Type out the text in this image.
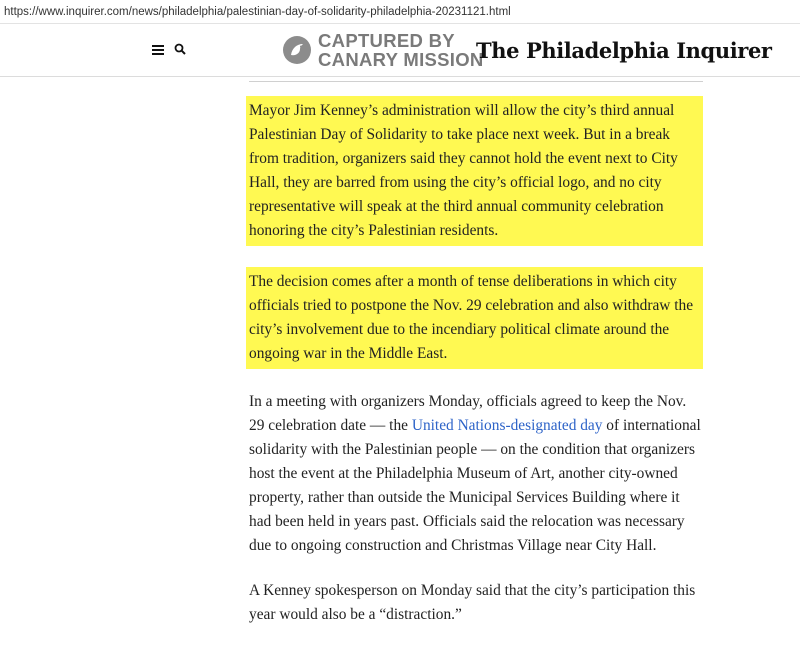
https://www.inquirer.com/news/philadelphia/palestinian-day-of-solidarity-philadelphia-20231121.html
CAPTURED BY
CANARY MISSION
The Philadelphia Inquirer

Mayor Jim Kenney’s administration will allow the city’s third annual Palestinian Day of Solidarity to take place next week. But in a break from tradition, organizers said they cannot hold the event next to City Hall, they are barred from using the city’s official logo, and no city representative will speak at the third annual community celebration honoring the city’s Palestinian residents.

The decision comes after a month of tense deliberations in which city officials tried to postpone the Nov. 29 celebration and also withdraw the city’s involvement due to the incendiary political climate around the ongoing war in the Middle East.

In a meeting with organizers Monday, officials agreed to keep the Nov. 29 celebration date — the United Nations-designated day of international solidarity with the Palestinian people — on the condition that organizers host the event at the Philadelphia Museum of Art, another city-owned property, rather than outside the Municipal Services Building where it had been held in years past. Officials said the relocation was necessary due to ongoing construction and Christmas Village near City Hall.

A Kenney spokesperson on Monday said that the city’s participation this year would also be a “distraction.”
